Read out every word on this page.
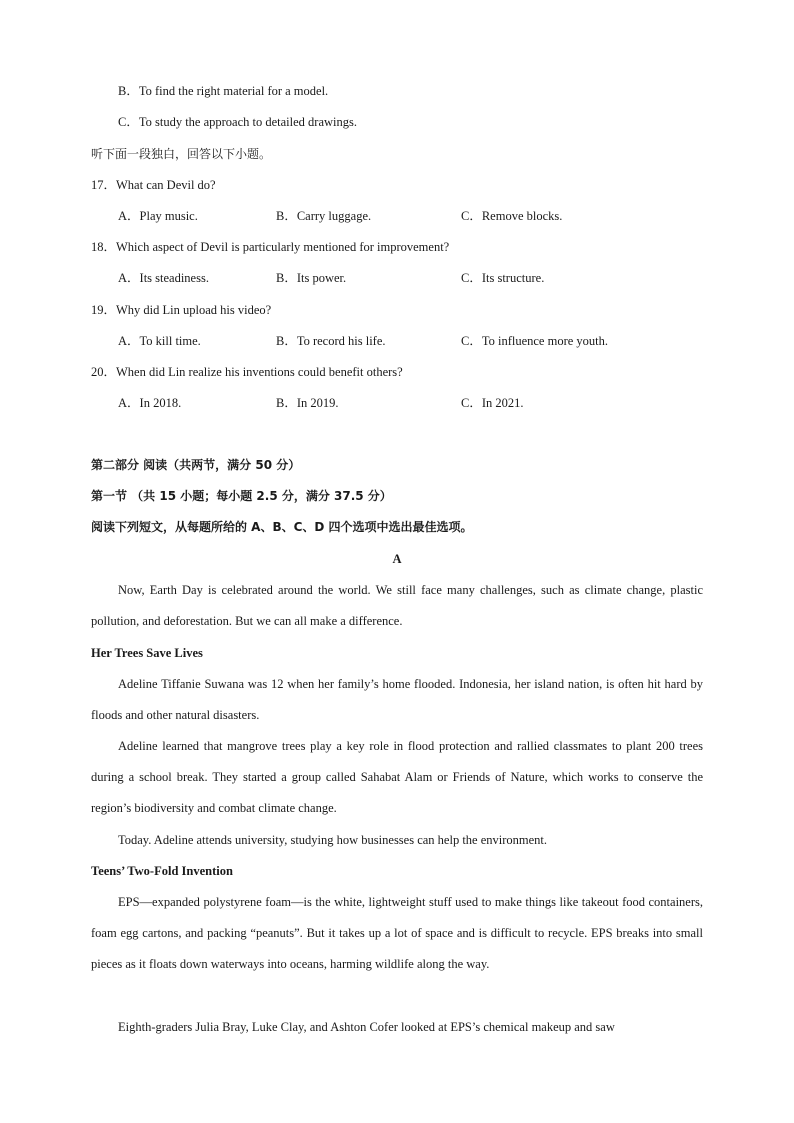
B．To find the right material for a model.
C．To study the approach to detailed drawings.
听下面一段独白，回答以下小题。
17．What can Devil do?
A．Play music.	B．Carry luggage.	C．Remove blocks.
18．Which aspect of Devil is particularly mentioned for improvement?
A．Its steadiness.	B．Its power.	C．Its structure.
19．Why did Lin upload his video?
A．To kill time.	B．To record his life.	C．To influence more youth.
20．When did Lin realize his inventions could benefit others?
A．In 2018.	B．In 2019.	C．In 2021.
第二部分 阅读（共两节，满分 50 分）
第一节 （共 15 小题；每小题 2.5 分，满分 37.5 分）
阅读下列短文，从每题所给的 A、B、C、D 四个选项中选出最佳选项。
A

Now, Earth Day is celebrated around the world. We still face many challenges, such as climate change, plastic pollution, and deforestation. But we can all make a difference.

Her Trees Save Lives

Adeline Tiffanie Suwana was 12 when her family’s home flooded. Indonesia, her island nation, is often hit hard by floods and other natural disasters.

Adeline learned that mangrove trees play a key role in flood protection and rallied classmates to plant 200 trees during a school break. They started a group called Sahabat Alam or Friends of Nature, which works to conserve the region’s biodiversity and combat climate change.

Today. Adeline attends university, studying how businesses can help the environment.

Teens’ Two-Fold Invention

EPS—expanded polystyrene foam—is the white, lightweight stuff used to make things like takeout food containers, foam egg cartons, and packing “peanuts”. But it takes up a lot of space and is difficult to recycle. EPS breaks into small pieces as it floats down waterways into oceans, harming wildlife along the way.

Eighth-graders Julia Bray, Luke Clay, and Ashton Cofer looked at EPS’s chemical makeup and saw
